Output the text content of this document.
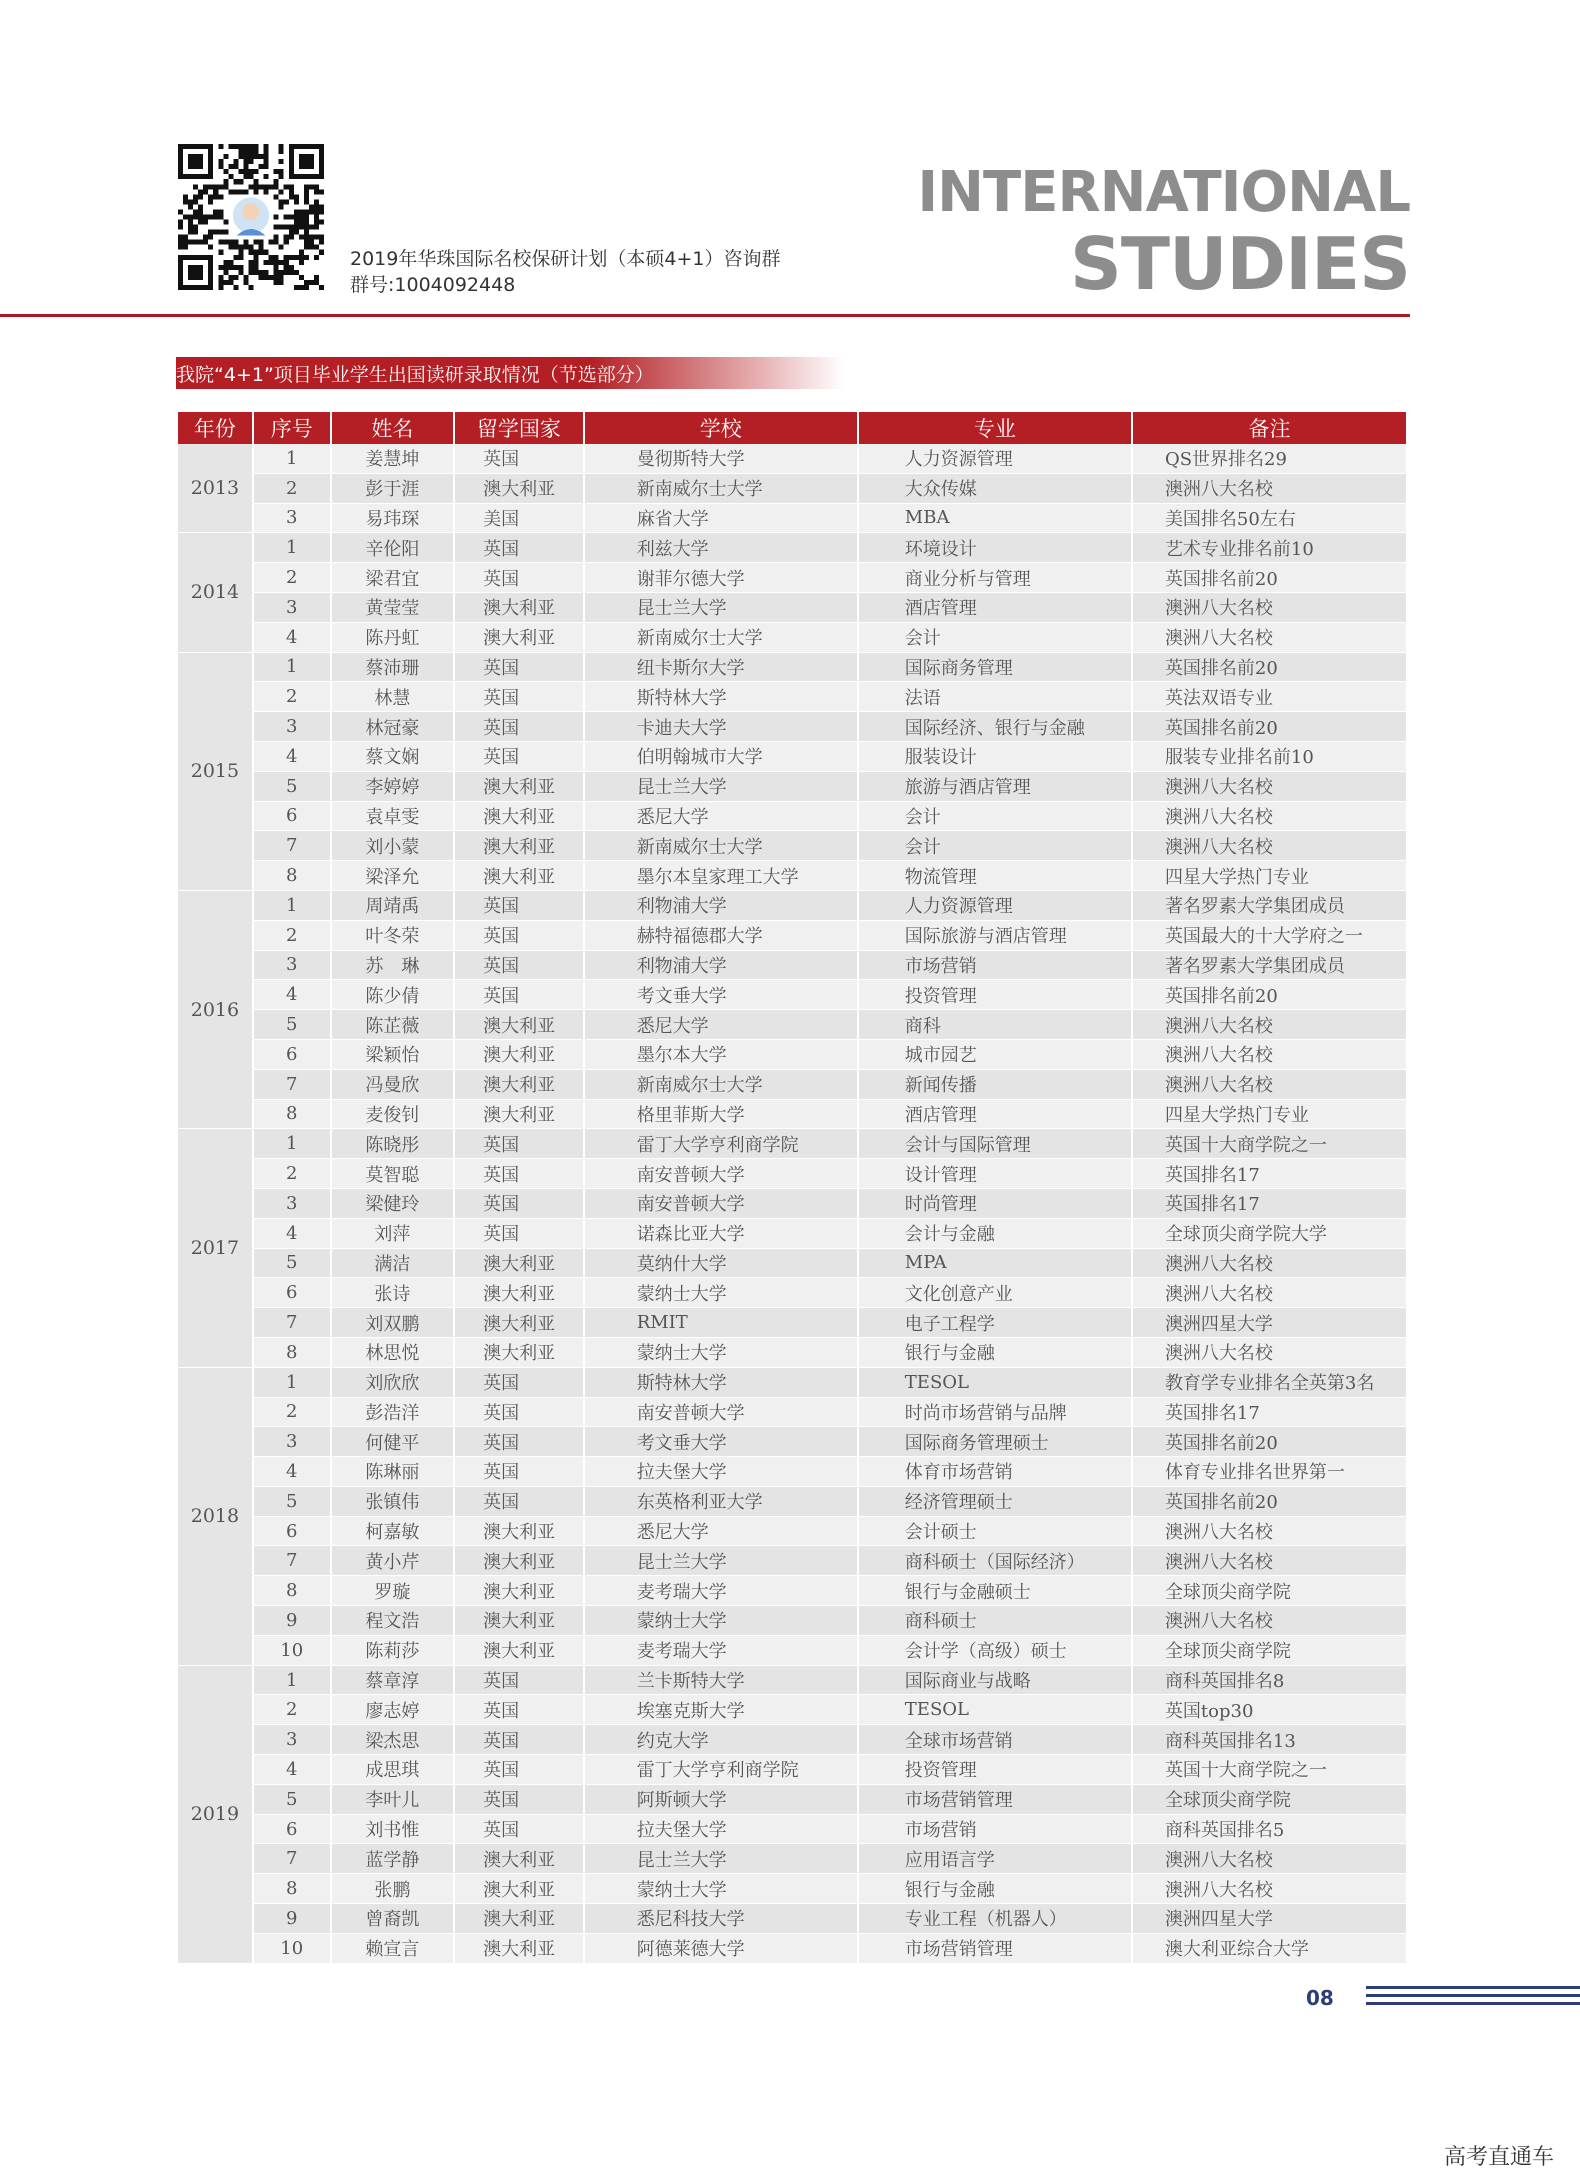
2019年华珠国际名校保研计划（本硕4+1）咨询群
群号:1004092448
INTERNATIONAL
STUDIES
我院“4+1”项目毕业学生出国读研录取情况（节选部分）
年份	序号	姓名	留学国家	学校	专业	备注
2013	1	姜慧坤	英国	曼彻斯特大学	人力资源管理	QS世界排名29
	2	彭于涯	澳大利亚	新南威尔士大学	大众传媒	澳洲八大名校
	3	易玮琛	美国	麻省大学	MBA	美国排名50左右
2014	1	辛伦阳	英国	利兹大学	环境设计	艺术专业排名前10
	2	梁君宜	英国	谢菲尔德大学	商业分析与管理	英国排名前20
	3	黄莹莹	澳大利亚	昆士兰大学	酒店管理	澳洲八大名校
	4	陈丹虹	澳大利亚	新南威尔士大学	会计	澳洲八大名校
2015	1	蔡沛珊	英国	纽卡斯尔大学	国际商务管理	英国排名前20
	2	林慧	英国	斯特林大学	法语	英法双语专业
	3	林冠豪	英国	卡迪夫大学	国际经济、银行与金融	英国排名前20
	4	蔡文娴	英国	伯明翰城市大学	服装设计	服装专业排名前10
	5	李婷婷	澳大利亚	昆士兰大学	旅游与酒店管理	澳洲八大名校
	6	袁卓雯	澳大利亚	悉尼大学	会计	澳洲八大名校
	7	刘小蒙	澳大利亚	新南威尔士大学	会计	澳洲八大名校
	8	梁泽允	澳大利亚	墨尔本皇家理工大学	物流管理	四星大学热门专业
2016	1	周靖禹	英国	利物浦大学	人力资源管理	著名罗素大学集团成员
	2	叶冬荣	英国	赫特福德郡大学	国际旅游与酒店管理	英国最大的十大学府之一
	3	苏　琳	英国	利物浦大学	市场营销	著名罗素大学集团成员
	4	陈少倩	英国	考文垂大学	投资管理	英国排名前20
	5	陈芷薇	澳大利亚	悉尼大学	商科	澳洲八大名校
	6	梁颖怡	澳大利亚	墨尔本大学	城市园艺	澳洲八大名校
	7	冯曼欣	澳大利亚	新南威尔士大学	新闻传播	澳洲八大名校
	8	麦俊钊	澳大利亚	格里菲斯大学	酒店管理	四星大学热门专业
2017	1	陈晓彤	英国	雷丁大学亨利商学院	会计与国际管理	英国十大商学院之一
	2	莫智聪	英国	南安普顿大学	设计管理	英国排名17
	3	梁健玲	英国	南安普顿大学	时尚管理	英国排名17
	4	刘萍	英国	诺森比亚大学	会计与金融	全球顶尖商学院大学
	5	满洁	澳大利亚	莫纳什大学	MPA	澳洲八大名校
	6	张诗	澳大利亚	蒙纳士大学	文化创意产业	澳洲八大名校
	7	刘双鹏	澳大利亚	RMIT	电子工程学	澳洲四星大学
	8	林思悦	澳大利亚	蒙纳士大学	银行与金融	澳洲八大名校
2018	1	刘欣欣	英国	斯特林大学	TESOL	教育学专业排名全英第3名
	2	彭浩洋	英国	南安普顿大学	时尚市场营销与品牌	英国排名17
	3	何健平	英国	考文垂大学	国际商务管理硕士	英国排名前20
	4	陈琳丽	英国	拉夫堡大学	体育市场营销	体育专业排名世界第一
	5	张镇伟	英国	东英格利亚大学	经济管理硕士	英国排名前20
	6	柯嘉敏	澳大利亚	悉尼大学	会计硕士	澳洲八大名校
	7	黄小芹	澳大利亚	昆士兰大学	商科硕士（国际经济）	澳洲八大名校
	8	罗璇	澳大利亚	麦考瑞大学	银行与金融硕士	全球顶尖商学院
	9	程文浩	澳大利亚	蒙纳士大学	商科硕士	澳洲八大名校
	10	陈莉莎	澳大利亚	麦考瑞大学	会计学（高级）硕士	全球顶尖商学院
2019	1	蔡章淳	英国	兰卡斯特大学	国际商业与战略	商科英国排名8
	2	廖志婷	英国	埃塞克斯大学	TESOL	英国top30
	3	梁杰思	英国	约克大学	全球市场营销	商科英国排名13
	4	成思琪	英国	雷丁大学亨利商学院	投资管理	英国十大商学院之一
	5	李叶儿	英国	阿斯顿大学	市场营销管理	全球顶尖商学院
	6	刘书惟	英国	拉夫堡大学	市场营销	商科英国排名5
	7	蓝学静	澳大利亚	昆士兰大学	应用语言学	澳洲八大名校
	8	张鹏	澳大利亚	蒙纳士大学	银行与金融	澳洲八大名校
	9	曾裔凯	澳大利亚	悉尼科技大学	专业工程（机器人）	澳洲四星大学
	10	赖宣言	澳大利亚	阿德莱德大学	市场营销管理	澳大利亚综合大学
08
高考直通车
